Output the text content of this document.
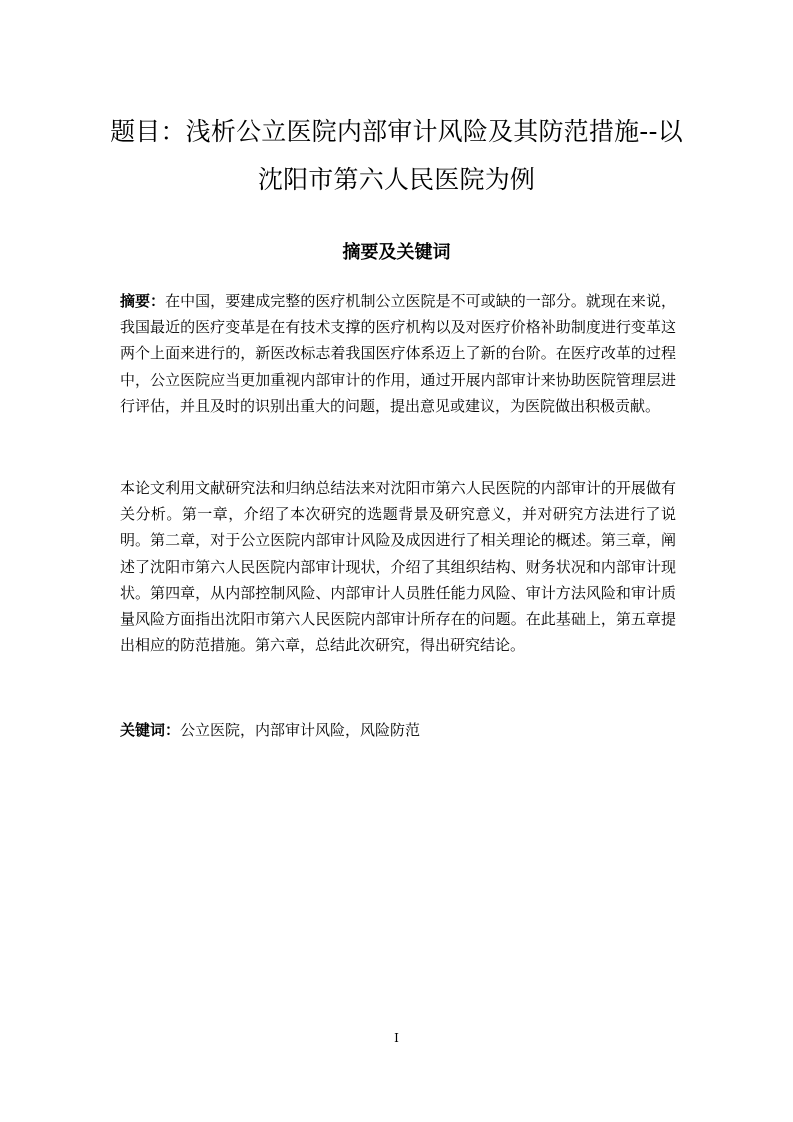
题目：浅析公立医院内部审计风险及其防范措施--以
沈阳市第六人民医院为例
摘要及关键词

摘要：在中国，要建成完整的医疗机制公立医院是不可或缺的一部分。就现在来说，我国最近的医疗变革是在有技术支撑的医疗机构以及对医疗价格补助制度进行变革这两个上面来进行的，新医改标志着我国医疗体系迈上了新的台阶。在医疗改革的过程中，公立医院应当更加重视内部审计的作用，通过开展内部审计来协助医院管理层进行评估，并且及时的识别出重大的问题，提出意见或建议，为医院做出积极贡献。

本论文利用文献研究法和归纳总结法来对沈阳市第六人民医院的内部审计的开展做有关分析。第一章，介绍了本次研究的选题背景及研究意义，并对研究方法进行了说明。第二章，对于公立医院内部审计风险及成因进行了相关理论的概述。第三章，阐述了沈阳市第六人民医院内部审计现状，介绍了其组织结构、财务状况和内部审计现状。第四章，从内部控制风险、内部审计人员胜任能力风险、审计方法风险和审计质量风险方面指出沈阳市第六人民医院内部审计所存在的问题。在此基础上，第五章提出相应的防范措施。第六章，总结此次研究，得出研究结论。

关键词：公立医院，内部审计风险，风险防范

I
